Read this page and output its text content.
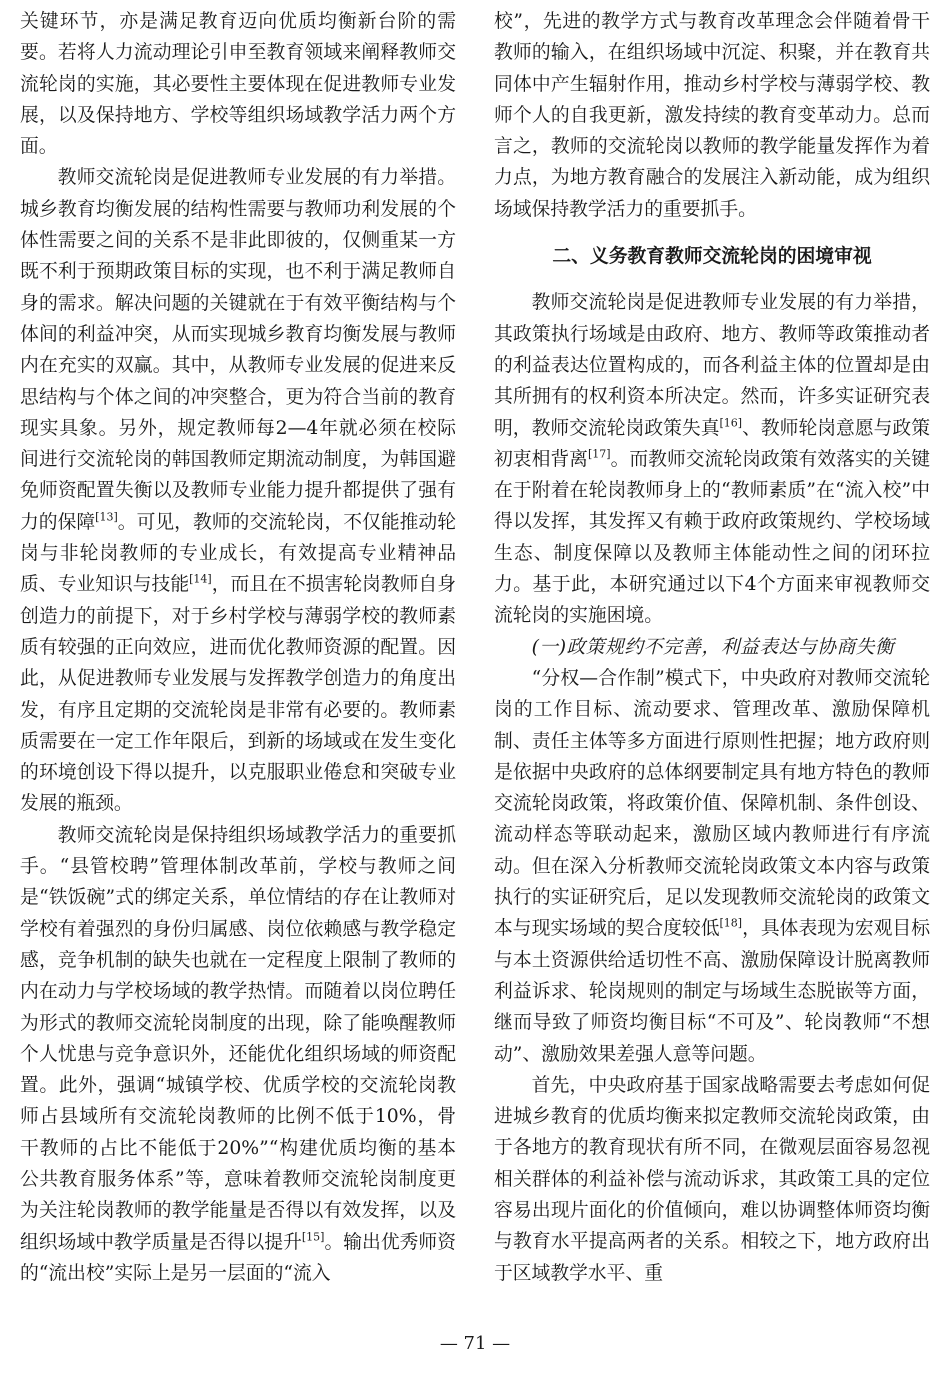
关键环节，亦是满足教育迈向优质均衡新台阶的需要。若将人力流动理论引申至教育领域来阐释教师交流轮岗的实施，其必要性主要体现在促进教师专业发展，以及保持地方、学校等组织场域教学活力两个方面。

教师交流轮岗是促进教师专业发展的有力举措。城乡教育均衡发展的结构性需要与教师功利发展的个体性需要之间的关系不是非此即彼的，仅侧重某一方既不利于预期政策目标的实现，也不利于满足教师自身的需求。解决问题的关键就在于有效平衡结构与个体间的利益冲突，从而实现城乡教育均衡发展与教师内在充实的双赢。其中，从教师专业发展的促进来反思结构与个体之间的冲突整合，更为符合当前的教育现实具象。另外，规定教师每2—4年就必须在校际间进行交流轮岗的韩国教师定期流动制度，为韩国避免师资配置失衡以及教师专业能力提升都提供了强有力的保障[13]。可见，教师的交流轮岗，不仅能推动轮岗与非轮岗教师的专业成长，有效提高专业精神品质、专业知识与技能[14]，而且在不损害轮岗教师自身创造力的前提下，对于乡村学校与薄弱学校的教师素质有较强的正向效应，进而优化教师资源的配置。因此，从促进教师专业发展与发挥教学创造力的角度出发，有序且定期的交流轮岗是非常有必要的。教师素质需要在一定工作年限后，到新的场域或在发生变化的环境创设下得以提升，以克服职业倦怠和突破专业发展的瓶颈。

教师交流轮岗是保持组织场域教学活力的重要抓手。“县管校聘”管理体制改革前，学校与教师之间是“铁饭碗”式的绑定关系，单位情结的存在让教师对学校有着强烈的身份归属感、岗位依赖感与教学稳定感，竞争机制的缺失也就在一定程度上限制了教师的内在动力与学校场域的教学热情。而随着以岗位聘任为形式的教师交流轮岗制度的出现，除了能唤醒教师个人忧患与竞争意识外，还能优化组织场域的师资配置。此外，强调“城镇学校、优质学校的交流轮岗教师占县域所有交流轮岗教师的比例不低于10%，骨干教师的占比不能低于20%”“构建优质均衡的基本公共教育服务体系”等，意味着教师交流轮岗制度更为关注轮岗教师的教学能量是否得以有效发挥，以及组织场域中教学质量是否得以提升[15]。输出优秀师资的“流出校”实际上是另一层面的“流入

校”，先进的教学方式与教育改革理念会伴随着骨干教师的输入，在组织场域中沉淀、积聚，并在教育共同体中产生辐射作用，推动乡村学校与薄弱学校、教师个人的自我更新，激发持续的教育变革动力。总而言之，教师的交流轮岗以教师的教学能量发挥作为着力点，为地方教育融合的发展注入新动能，成为组织场域保持教学活力的重要抓手。

二、义务教育教师交流轮岗的困境审视

教师交流轮岗是促进教师专业发展的有力举措，其政策执行场域是由政府、地方、教师等政策推动者的利益表达位置构成的，而各利益主体的位置却是由其所拥有的权利资本所决定。然而，许多实证研究表明，教师交流轮岗政策失真[16]、教师轮岗意愿与政策初衷相背离[17]。而教师交流轮岗政策有效落实的关键在于附着在轮岗教师身上的“教师素质”在“流入校”中得以发挥，其发挥又有赖于政府政策规约、学校场域生态、制度保障以及教师主体能动性之间的闭环拉力。基于此，本研究通过以下4个方面来审视教师交流轮岗的实施困境。

(一)政策规约不完善，利益表达与协商失衡

“分权—合作制”模式下，中央政府对教师交流轮岗的工作目标、流动要求、管理改革、激励保障机制、责任主体等多方面进行原则性把握；地方政府则是依据中央政府的总体纲要制定具有地方特色的教师交流轮岗政策，将政策价值、保障机制、条件创设、流动样态等联动起来，激励区域内教师进行有序流动。但在深入分析教师交流轮岗政策文本内容与政策执行的实证研究后，足以发现教师交流轮岗的政策文本与现实场域的契合度较低[18]，具体表现为宏观目标与本土资源供给适切性不高、激励保障设计脱离教师利益诉求、轮岗规则的制定与场域生态脱嵌等方面，继而导致了师资均衡目标“不可及”、轮岗教师“不想动”、激励效果差强人意等问题。

首先，中央政府基于国家战略需要去考虑如何促进城乡教育的优质均衡来拟定教师交流轮岗政策，由于各地方的教育现状有所不同，在微观层面容易忽视相关群体的利益补偿与流动诉求，其政策工具的定位容易出现片面化的价值倾向，难以协调整体师资均衡与教育水平提高两者的关系。相较之下，地方政府出于区域教学水平、重

— 71 —
